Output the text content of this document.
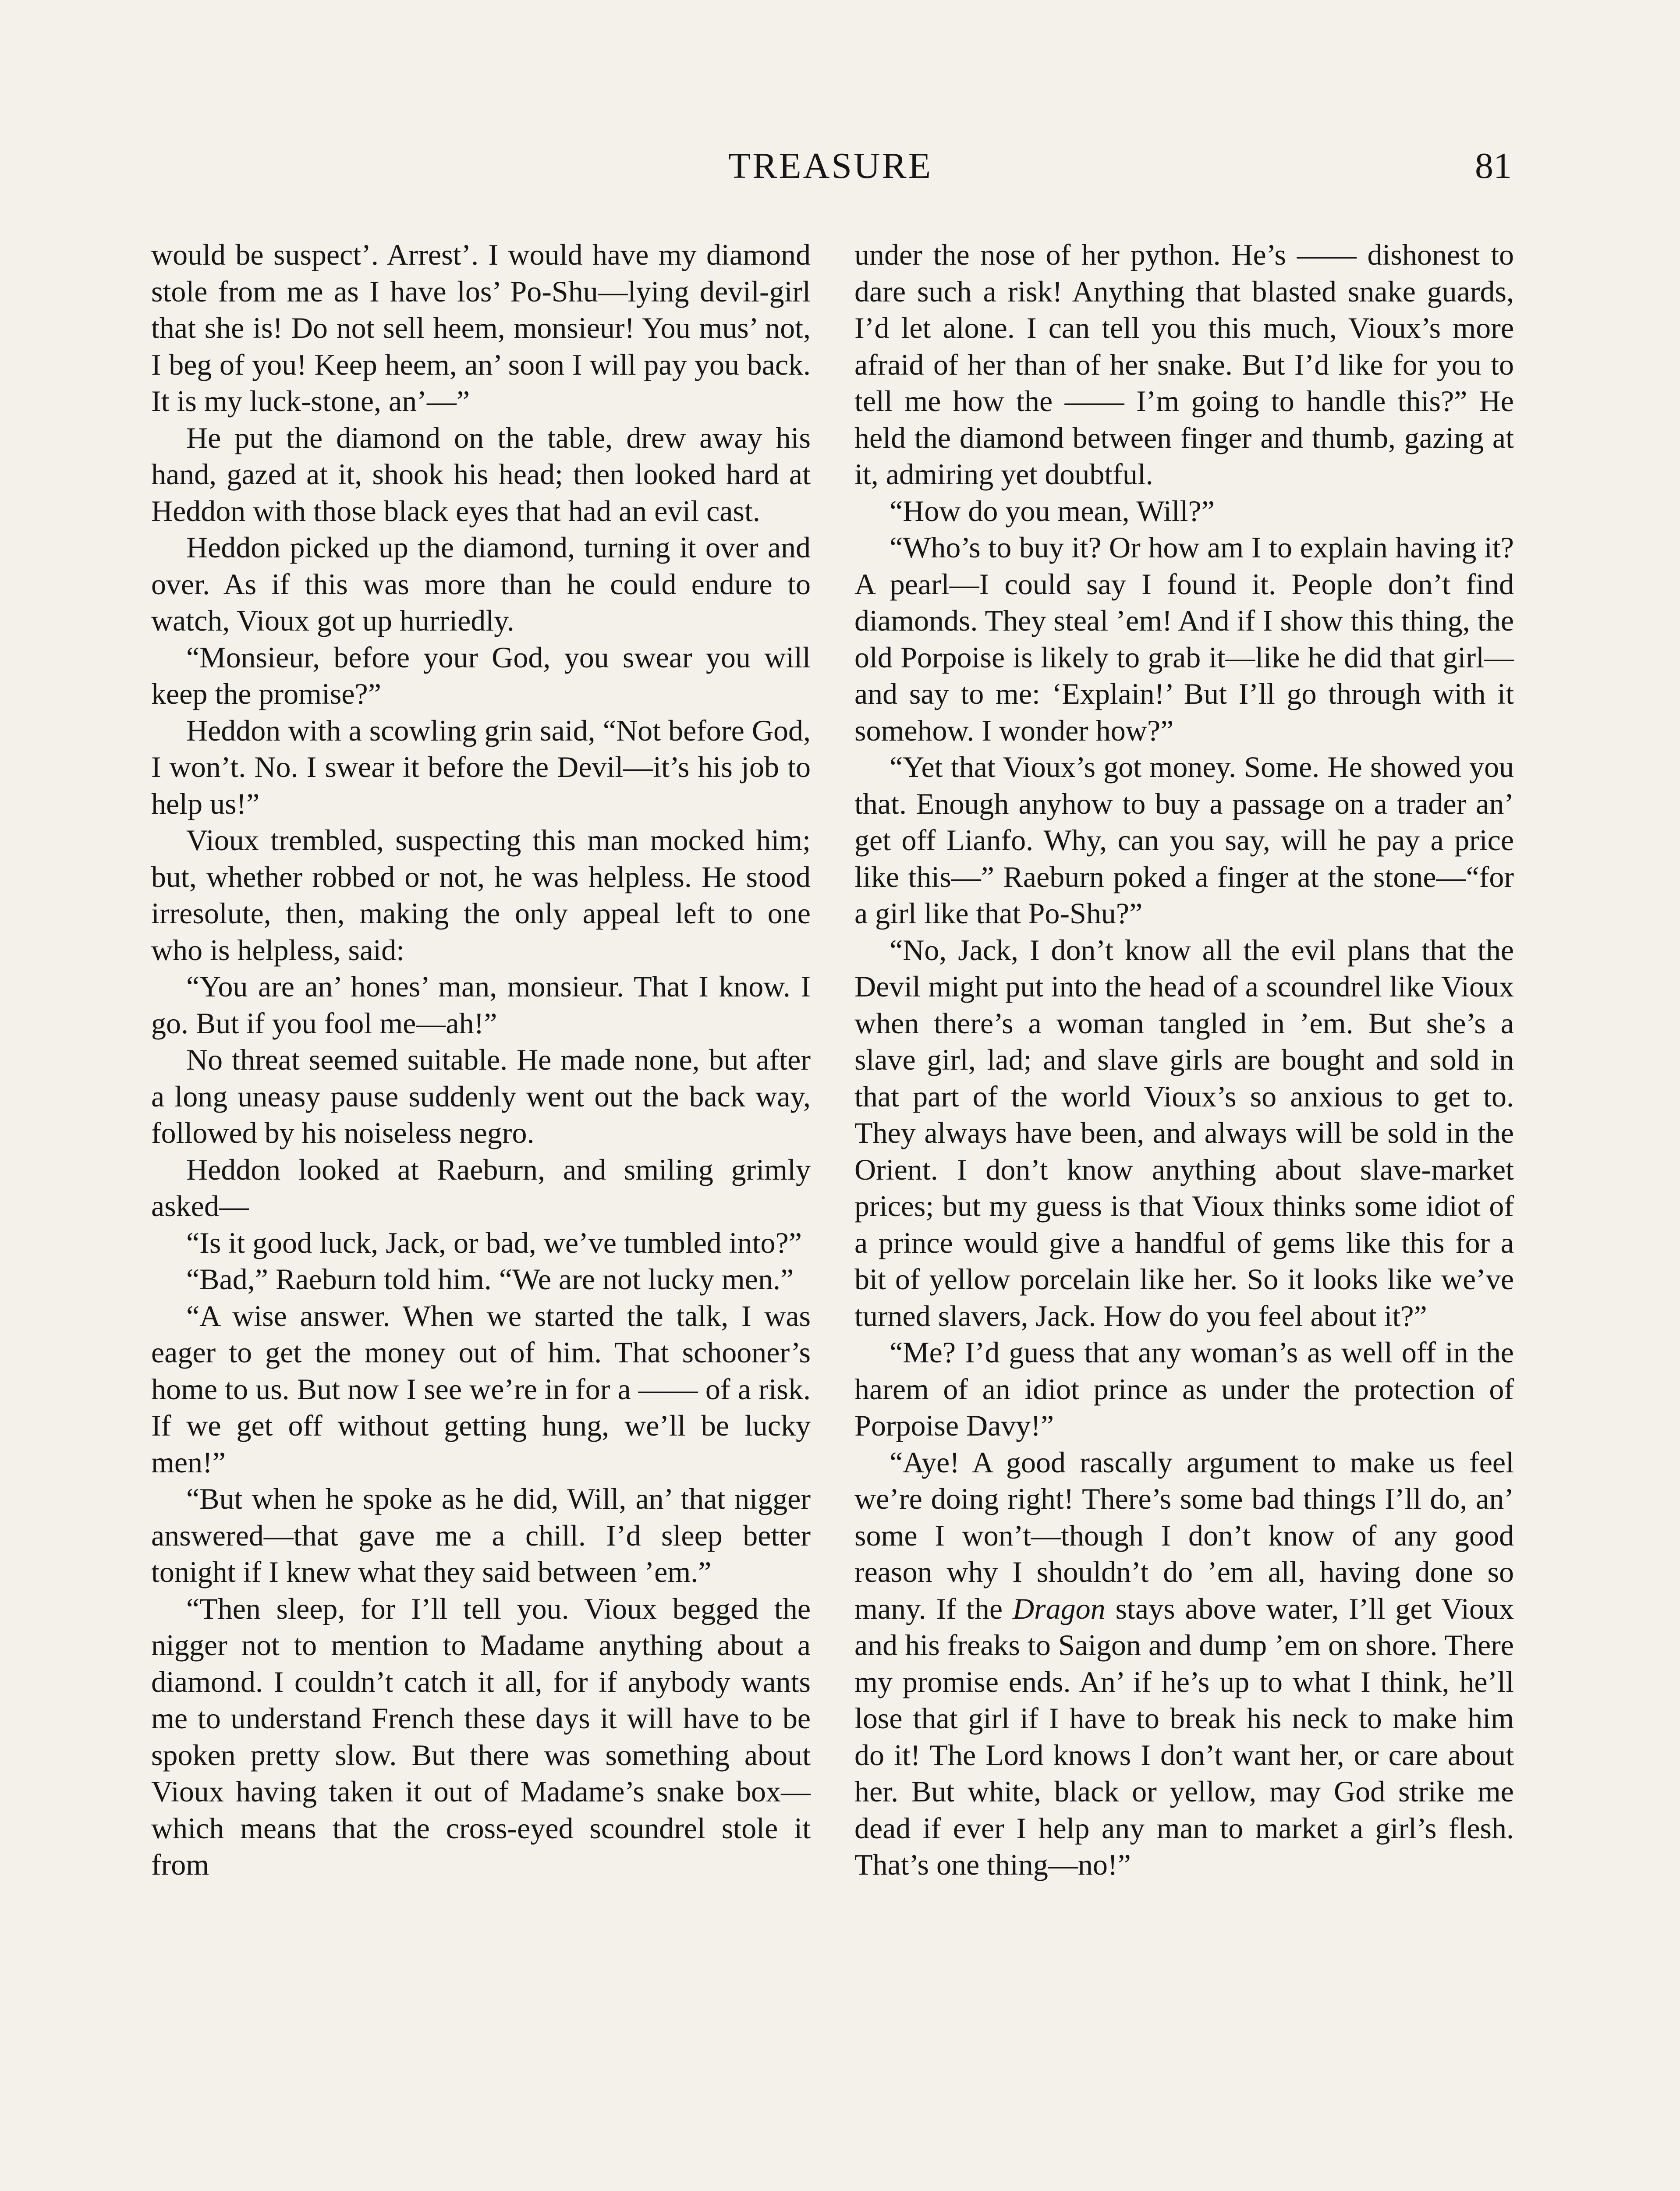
TREASURE	81

would be suspect’. Arrest’. I would have my diamond stole from me as I have los’ Po-Shu—lying devil-girl that she is! Do not sell heem, monsieur! You mus’ not, I beg of you! Keep heem, an’ soon I will pay you back. It is my luck-stone, an’—”

He put the diamond on the table, drew away his hand, gazed at it, shook his head; then looked hard at Heddon with those black eyes that had an evil cast.

Heddon picked up the diamond, turning it over and over. As if this was more than he could endure to watch, Vioux got up hurriedly.

“Monsieur, before your God, you swear you will keep the promise?”

Heddon with a scowling grin said, “Not before God, I won’t. No. I swear it before the Devil—it’s his job to help us!”

Vioux trembled, suspecting this man mocked him; but, whether robbed or not, he was helpless. He stood irresolute, then, making the only appeal left to one who is helpless, said:

“You are an’ hones’ man, monsieur. That I know. I go. But if you fool me—ah!”

No threat seemed suitable. He made none, but after a long uneasy pause suddenly went out the back way, followed by his noiseless negro.

Heddon looked at Raeburn, and smiling grimly asked—

“Is it good luck, Jack, or bad, we’ve tumbled into?”

“Bad,” Raeburn told him. “We are not lucky men.”

“A wise answer. When we started the talk, I was eager to get the money out of him. That schooner’s home to us. But now I see we’re in for a —— of a risk. If we get off without getting hung, we’ll be lucky men!”

“But when he spoke as he did, Will, an’ that nigger answered—that gave me a chill. I’d sleep better tonight if I knew what they said between ’em.”

“Then sleep, for I’ll tell you. Vioux begged the nigger not to mention to Madame anything about a diamond. I couldn’t catch it all, for if anybody wants me to understand French these days it will have to be spoken pretty slow. But there was something about Vioux having taken it out of Madame’s snake box—which means that the cross-eyed scoundrel stole it from

under the nose of her python. He’s —— dishonest to dare such a risk! Anything that blasted snake guards, I’d let alone. I can tell you this much, Vioux’s more afraid of her than of her snake. But I’d like for you to tell me how the —— I’m going to handle this?” He held the diamond between finger and thumb, gazing at it, admiring yet doubtful.

“How do you mean, Will?”

“Who’s to buy it? Or how am I to explain having it? A pearl—I could say I found it. People don’t find diamonds. They steal ’em! And if I show this thing, the old Porpoise is likely to grab it—like he did that girl—and say to me: ‘Explain!’ But I’ll go through with it somehow. I wonder how?”

“Yet that Vioux’s got money. Some. He showed you that. Enough anyhow to buy a passage on a trader an’ get off Lianfo. Why, can you say, will he pay a price like this—” Raeburn poked a finger at the stone—“for a girl like that Po-Shu?”

“No, Jack, I don’t know all the evil plans that the Devil might put into the head of a scoundrel like Vioux when there’s a woman tangled in ’em. But she’s a slave girl, lad; and slave girls are bought and sold in that part of the world Vioux’s so anxious to get to. They always have been, and always will be sold in the Orient. I don’t know anything about slave-market prices; but my guess is that Vioux thinks some idiot of a prince would give a handful of gems like this for a bit of yellow porcelain like her. So it looks like we’ve turned slavers, Jack. How do you feel about it?”

“Me? I’d guess that any woman’s as well off in the harem of an idiot prince as under the protection of Porpoise Davy!”

“Aye! A good rascally argument to make us feel we’re doing right! There’s some bad things I’ll do, an’ some I won’t—though I don’t know of any good reason why I shouldn’t do ’em all, having done so many. If the Dragon stays above water, I’ll get Vioux and his freaks to Saigon and dump ’em on shore. There my promise ends. An’ if he’s up to what I think, he’ll lose that girl if I have to break his neck to make him do it! The Lord knows I don’t want her, or care about her. But white, black or yellow, may God strike me dead if ever I help any man to market a girl’s flesh. That’s one thing—no!”
